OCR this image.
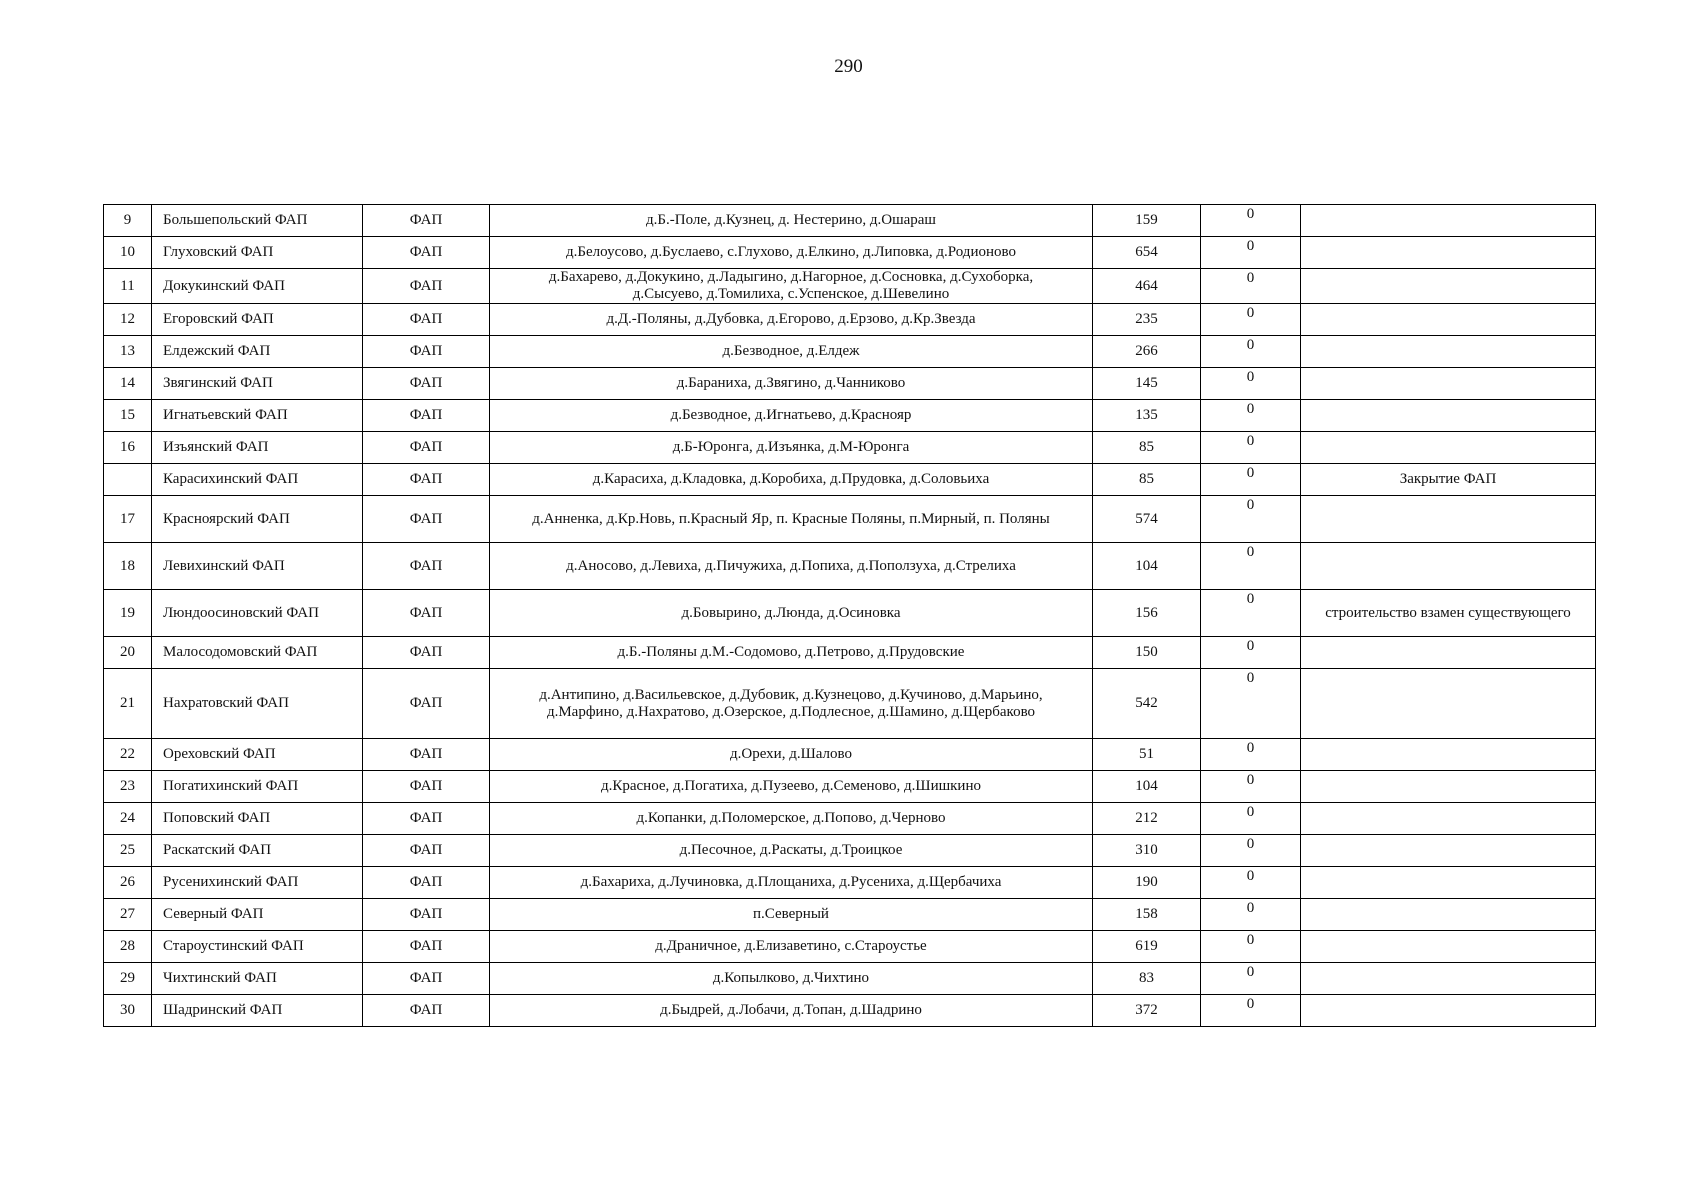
290
9	Большепольский ФАП	ФАП	д.Б.-Поле, д.Кузнец, д. Нестерино, д.Ошараш	159	0	
10	Глуховский ФАП	ФАП	д.Белоусово, д.Буслаево, с.Глухово, д.Елкино, д.Липовка, д.Родионово	654	0	
11	Докукинский ФАП	ФАП	д.Бахарево, д.Докукино, д.Ладыгино, д.Нагорное, д.Сосновка, д.Сухоборка,
д.Сысуево, д.Томилиха, с.Успенское, д.Шевелино	464	0	
12	Егоровский ФАП	ФАП	д.Д.-Поляны, д.Дубовка, д.Егорово, д.Ерзово, д.Кр.Звезда	235	0	
13	Елдежский ФАП	ФАП	д.Безводное, д.Елдеж	266	0	
14	Звягинский ФАП	ФАП	д.Бараниха, д.Звягино, д.Чанниково	145	0	
15	Игнатьевский ФАП	ФАП	д.Безводное, д.Игнатьево, д.Краснояр	135	0	
16	Изъянский ФАП	ФАП	д.Б-Юронга, д.Изъянка, д.М-Юронга	85	0	
	Карасихинский ФАП	ФАП	д.Карасиха, д.Кладовка, д.Коробиха, д.Прудовка, д.Соловьиха	85	0	Закрытие ФАП
17	Красноярский ФАП	ФАП	д.Анненка, д.Кр.Новь, п.Красный Яр, п. Красные Поляны, п.Мирный, п. Поляны	574	0	
18	Левихинский ФАП	ФАП	д.Аносово, д.Левиха, д.Пичужиха, д.Попиха, д.Поползуха, д.Стрелиха	104	0	
19	Люндоосиновский ФАП	ФАП	д.Бовырино, д.Люнда, д.Осиновка	156	0	строительство взамен существующего
20	Малосодомовский ФАП	ФАП	д.Б.-Поляны д.М.-Содомово, д.Петрово, д.Прудовские	150	0	
21	Нахратовский ФАП	ФАП	д.Антипино, д.Васильевское, д.Дубовик, д.Кузнецово, д.Кучиново, д.Марьино,
д.Марфино, д.Нахратово, д.Озерское, д.Подлесное, д.Шамино, д.Щербаково	542	0	
22	Ореховский ФАП	ФАП	д.Орехи, д.Шалово	51	0	
23	Погатихинский ФАП	ФАП	д.Красное, д.Погатиха, д.Пузеево, д.Семеново, д.Шишкино	104	0	
24	Поповский ФАП	ФАП	д.Копанки, д.Поломерское, д.Попово, д.Черново	212	0	
25	Раскатский ФАП	ФАП	д.Песочное, д.Раскаты, д.Троицкое	310	0	
26	Русенихинский ФАП	ФАП	д.Бахариха, д.Лучиновка, д.Площаниха, д.Русениха, д.Щербачиха	190	0	
27	Северный ФАП	ФАП	п.Северный	158	0	
28	Староустинский ФАП	ФАП	д.Драничное, д.Елизаветино, с.Староустье	619	0	
29	Чихтинский ФАП	ФАП	д.Копылково, д.Чихтино	83	0	
30	Шадринский ФАП	ФАП	д.Быдрей, д.Лобачи, д.Топан, д.Шадрино	372	0	
